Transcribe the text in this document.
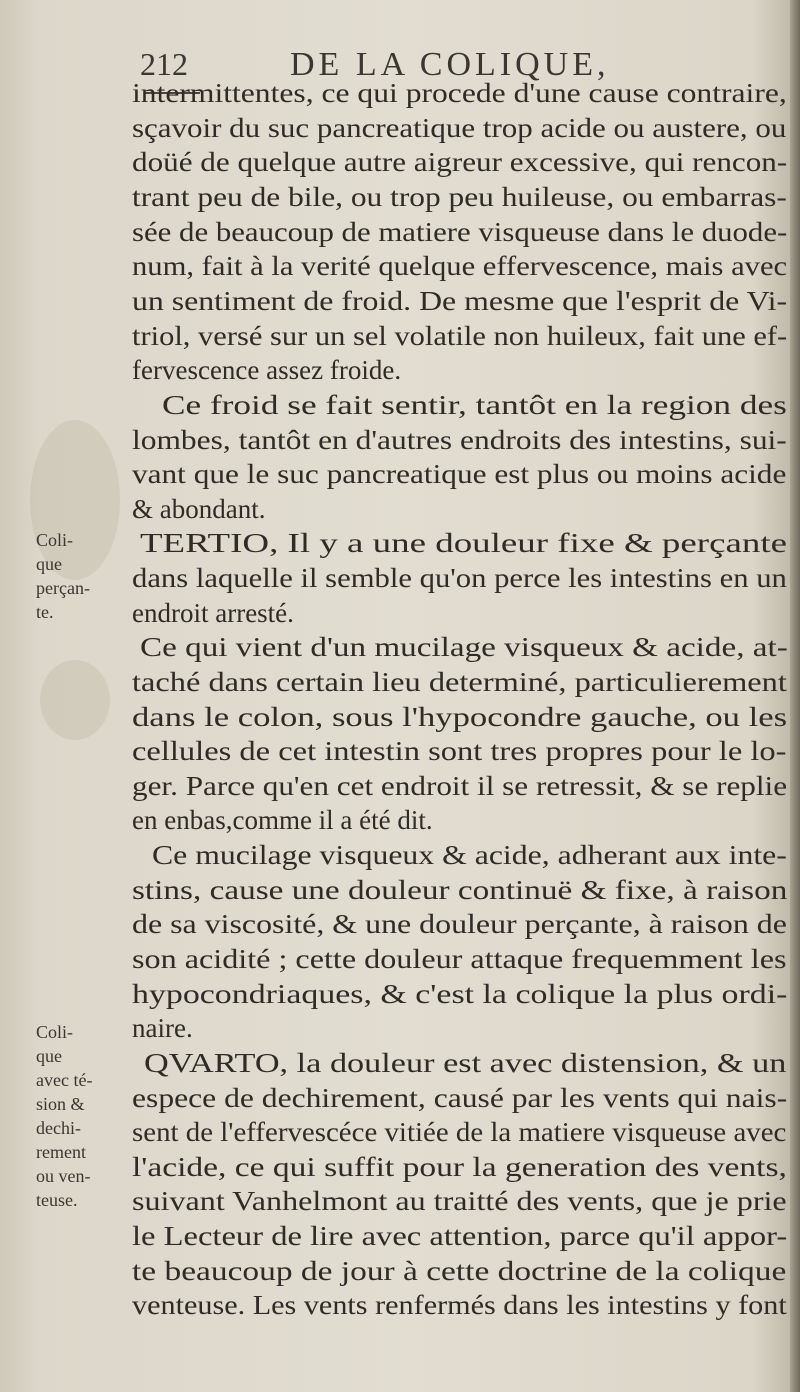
212	DE LA COLIQUE,
intermittentes, ce qui procede d'une cause contraire,
sçavoir du suc pancreatique trop acide ou austere, ou
doüé de quelque autre aigreur excessive, qui rencon-
trant peu de bile, ou trop peu huileuse, ou embarras-
sée de beaucoup de matiere visqueuse dans le duode-
num, fait à la verité quelque effervescence, mais avec
un sentiment de froid. De mesme que l'esprit de Vi-
triol, versé sur un sel volatile non huileux, fait une ef-
fervescence assez froide.
Ce froid se fait sentir, tantôt en la region des
lombes, tantôt en d'autres endroits des intestins, sui-
vant que le suc pancreatique est plus ou moins acide
& abondant.
TERTIO, Il y a une douleur fixe & perçante
dans laquelle il semble qu'on perce les intestins en un
endroit arresté.
Ce qui vient d'un mucilage visqueux & acide, at-
taché dans certain lieu determiné, particulierement
dans le colon, sous l'hypocondre gauche, ou les
cellules de cet intestin sont tres propres pour le lo-
ger. Parce qu'en cet endroit il se retressit, & se replie
en enbas,comme il a été dit.
Ce mucilage visqueux & acide, adherant aux inte-
stins, cause une douleur continuë & fixe, à raison
de sa viscosité, & une douleur perçante, à raison de
son acidité ; cette douleur attaque frequemment les
hypocondriaques, & c'est la colique la plus ordi-
naire.
QVARTO, la douleur est avec distension, & un
espece de dechirement, causé par les vents qui nais-
sent de l'effervescéce vitiée de la matiere visqueuse avec
l'acide, ce qui suffit pour la generation des vents,
suivant Vanhelmont au traitté des vents, que je prie
le Lecteur de lire avec attention, parce qu'il appor-
te beaucoup de jour à cette doctrine de la colique
venteuse. Les vents renfermés dans les intestins y font
Coli-
que
perçan-
te.
Coli-
que
avec té-
sion &
dechi-
rement
ou ven-
teuse.
